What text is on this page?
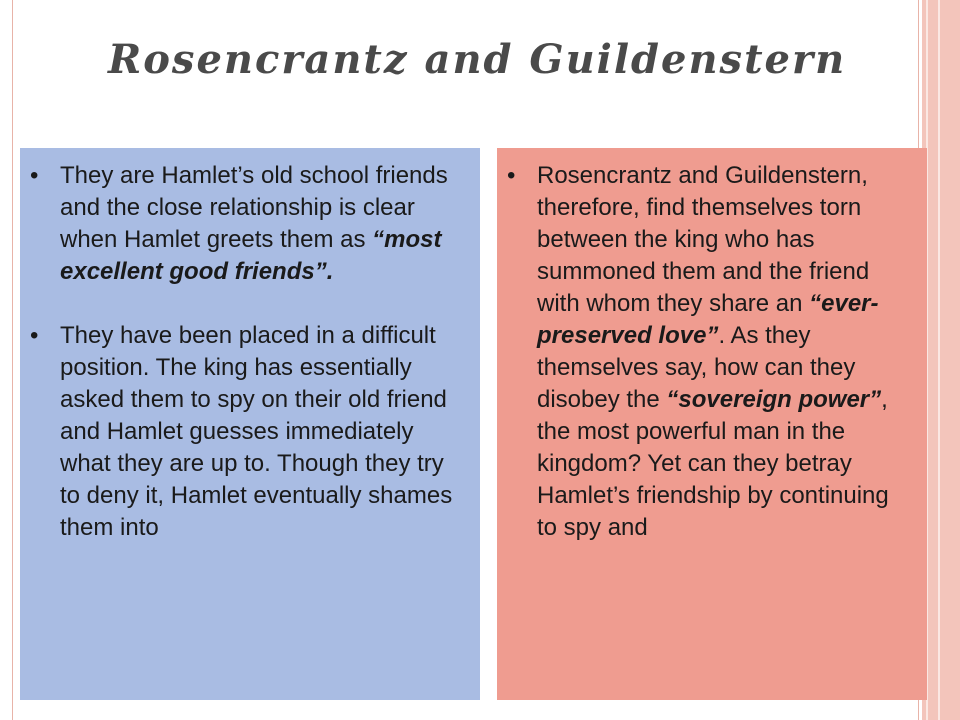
Rosencrantz and Guildenstern
• They are Hamlet’s old school friends and the close relationship is clear when Hamlet greets them as “most excellent good friends”.
• They have been placed in a difficult position. The king has essentially asked them to spy on their old friend and Hamlet guesses immediately what they are up to. Though they try to deny it, Hamlet eventually shames them into
• Rosencrantz and Guildenstern, therefore, find themselves torn between the king who has summoned them and the friend with whom they share an “ever-preserved love”. As they themselves say, how can they disobey the “sovereign power”, the most powerful man in the kingdom? Yet can they betray Hamlet’s friendship by continuing to spy and
